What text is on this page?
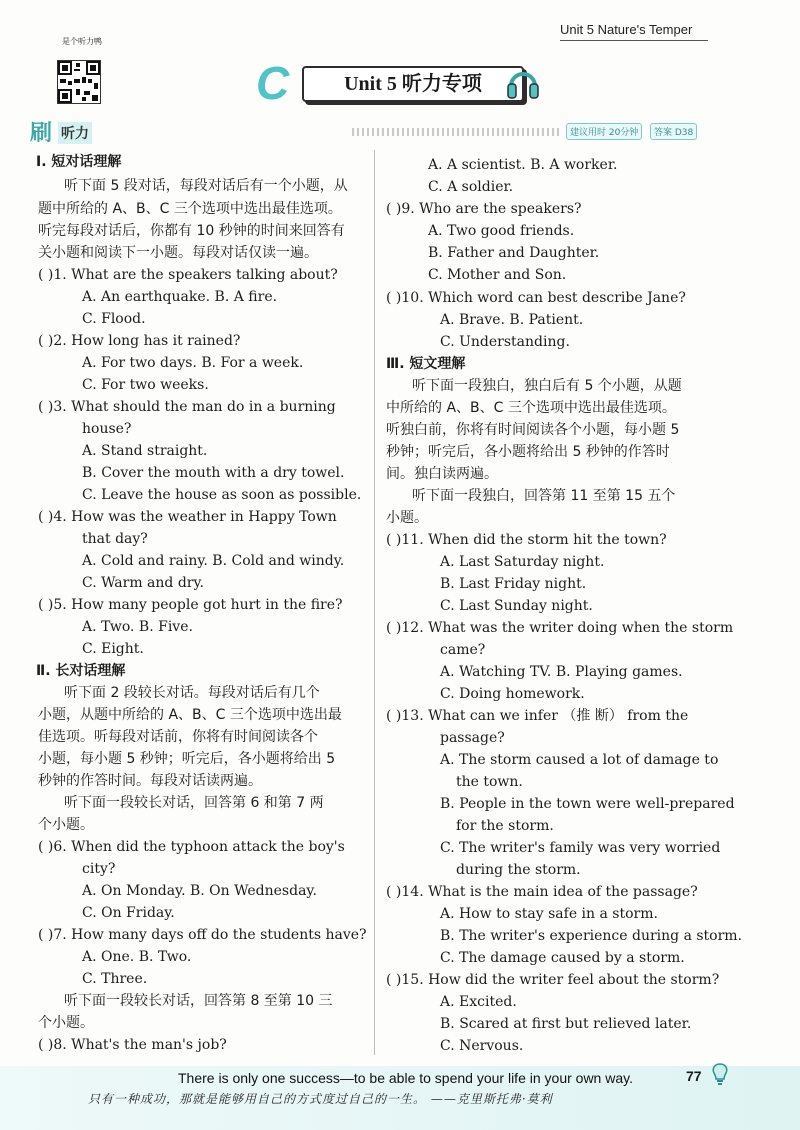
Unit 5 Nature's Temper
是个听力鸭
C	Unit 5 听力专项
刷 听力	建议用时 20分钟	答案 D38
Ⅰ. 短对话理解
听下面 5 段对话，每段对话后有一个小题，从
题中所给的 A、B、C 三个选项中选出最佳选项。
听完每段对话后，你都有 10 秒钟的时间来回答有
关小题和阅读下一小题。每段对话仅读一遍。
( )1. What are the speakers talking about?
A. An earthquake. B. A fire.
C. Flood.
( )2. How long has it rained?
A. For two days. B. For a week.
C. For two weeks.
( )3. What should the man do in a burning
house?
A. Stand straight.
B. Cover the mouth with a dry towel.
C. Leave the house as soon as possible.
( )4. How was the weather in Happy Town
that day?
A. Cold and rainy. B. Cold and windy.
C. Warm and dry.
( )5. How many people got hurt in the fire?
A. Two. B. Five.
C. Eight.
Ⅱ. 长对话理解
听下面 2 段较长对话。每段对话后有几个
小题，从题中所给的 A、B、C 三个选项中选出最
佳选项。听每段对话前，你将有时间阅读各个
小题，每小题 5 秒钟；听完后，各小题将给出 5
秒钟的作答时间。每段对话读两遍。
听下面一段较长对话，回答第 6 和第 7 两
个小题。
( )6. When did the typhoon attack the boy's
city?
A. On Monday. B. On Wednesday.
C. On Friday.
( )7. How many days off do the students have?
A. One. B. Two.
C. Three.
听下面一段较长对话，回答第 8 至第 10 三
个小题。
( )8. What's the man's job?
A. A scientist. B. A worker.
C. A soldier.
( )9. Who are the speakers?
A. Two good friends.
B. Father and Daughter.
C. Mother and Son.
( )10. Which word can best describe Jane?
A. Brave. B. Patient.
C. Understanding.
Ⅲ. 短文理解
听下面一段独白，独白后有 5 个小题，从题
中所给的 A、B、C 三个选项中选出最佳选项。
听独白前，你将有时间阅读各个小题，每小题 5
秒钟；听完后，各小题将给出 5 秒钟的作答时
间。独白读两遍。
听下面一段独白，回答第 11 至第 15 五个
小题。
( )11. When did the storm hit the town?
A. Last Saturday night.
B. Last Friday night.
C. Last Sunday night.
( )12. What was the writer doing when the storm
came?
A. Watching TV. B. Playing games.
C. Doing homework.
( )13. What can we infer （推 断） from the
passage?
A. The storm caused a lot of damage to
the town.
B. People in the town were well-prepared
for the storm.
C. The writer's family was very worried
during the storm.
( )14. What is the main idea of the passage?
A. How to stay safe in a storm.
B. The writer's experience during a storm.
C. The damage caused by a storm.
( )15. How did the writer feel about the storm?
A. Excited.
B. Scared at first but relieved later.
C. Nervous.
There is only one success—to be able to spend your life in your own way.
只有一种成功，那就是能够用自己的方式度过自己的一生。 ——克里斯托弗·莫利
77
